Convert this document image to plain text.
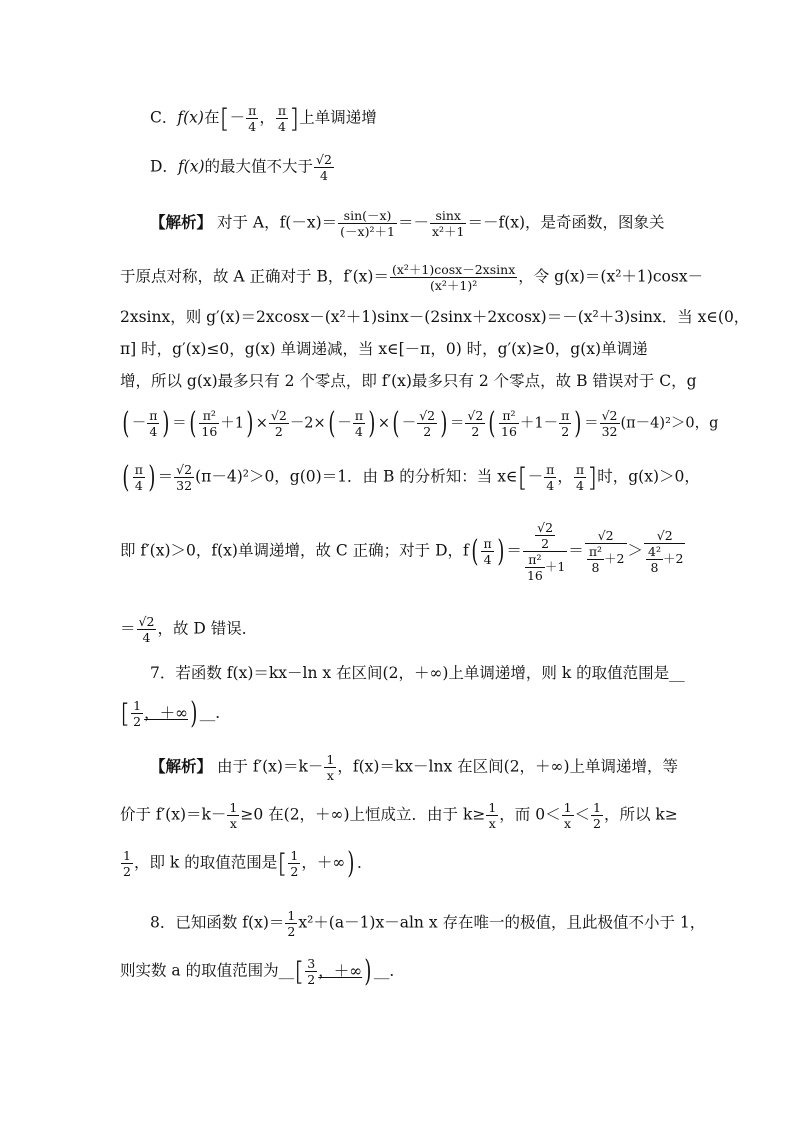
C．f(x)在[－ $\frac{\pi}{4}$ ， $\frac{\pi}{4}$ ]上单调递增
D．f(x)的最大值不大于 $\frac{√2}{4}$
【解析】 对于 A，$f(-x)= \frac{\sin(-x)}{\text{(－x)²＋1}} =- \frac{\sin x}{\text{x²＋1}} =-f(x)$，是奇函数，图象关
于原点对称，故 A 正确对于 B，$f'(x)= \frac{\text{(x²＋1)cosx－2xsinx}}{\text{(x²＋1)²}}$ ，令 g(x)＝(x²＋1)cosx－
2xsinx，则 g′(x)＝2xcosx－(x²＋1)sinx－(2sinx＋2xcosx)＝－(x²＋3)sinx．当 x∈(0，
π] 时，g′(x)≤0，g(x) 单调递减，当 x∈[－π，0) 时，g′(x)≥0，g(x)单调递
增，所以 g(x)最多只有 2 个零点，即 f′(x)最多只有 2 个零点，故 B 错误对于 C，g
( － $\frac{\pi}{4}$ ) ＝( $\frac{\text{π²}}{16} +1) \times \frac{√2}{2} -2\times( - \frac{\pi}{4}$ ) ×( － $\frac{√2}{2}$ ) ＝ $\frac{√2}{2}$ ( $\frac{\text{π²}}{16} +1- \frac{\pi}{2}$ ) ＝ $\frac{√2}{32} (\pi-4)^2>0$，g
( $\frac{\pi}{4}$ ) ＝ $\frac{√2}{32} (\pi-4)^2>0$，g(0)＝1．由 B 的分析知：当 x∈[－ $\frac{\pi}{4}$ ， $\frac{\pi}{4}$ ]时，g(x)＞0，
即 f′(x)＞0，f(x)单调递增，故 C 正确；对于 D，$f( \frac{\pi}{4}$ ) ＝ $\frac{\frac{√2}{2}}{\frac{\text{π²}}{16} +1} = \frac{√2}{\frac{\text{π²}}{8} +2} > \frac{√2}{\frac{\text{4²}}{8} +2}$
＝ $\frac{√2}{4}$ ，故 D 错误．
7．若函数 f(x)＝kx－ln x 在区间(2，＋∞)上单调递增，则 k 的取值范围是__
[ $\frac{1}{2}$ ，＋∞) __．
【解析】 由于 $f'(x)=k- \frac{1}{x}$ ，f(x)＝kx－lnx 在区间(2，＋∞)上单调递增，等
价于 $f'(x)=k- \frac{1}{x} \ge 0$ 在(2，＋∞)上恒成立．由于 $k\ge \frac{1}{x}$ ，而 $0< \frac{1}{x} < \frac{1}{2}$ ，所以 k≥
$\frac{1}{2}$ ，即 k 的取值范围是[ $\frac{1}{2}$ ，＋∞) ．
8．已知函数 $f(x)= \frac{1}{2} x^2+(a-1)x-aln$ x 存在唯一的极值，且此极值不小于 1，
则实数 a 的取值范围为__[ $\frac{3}{2}$ ，＋∞) __．
